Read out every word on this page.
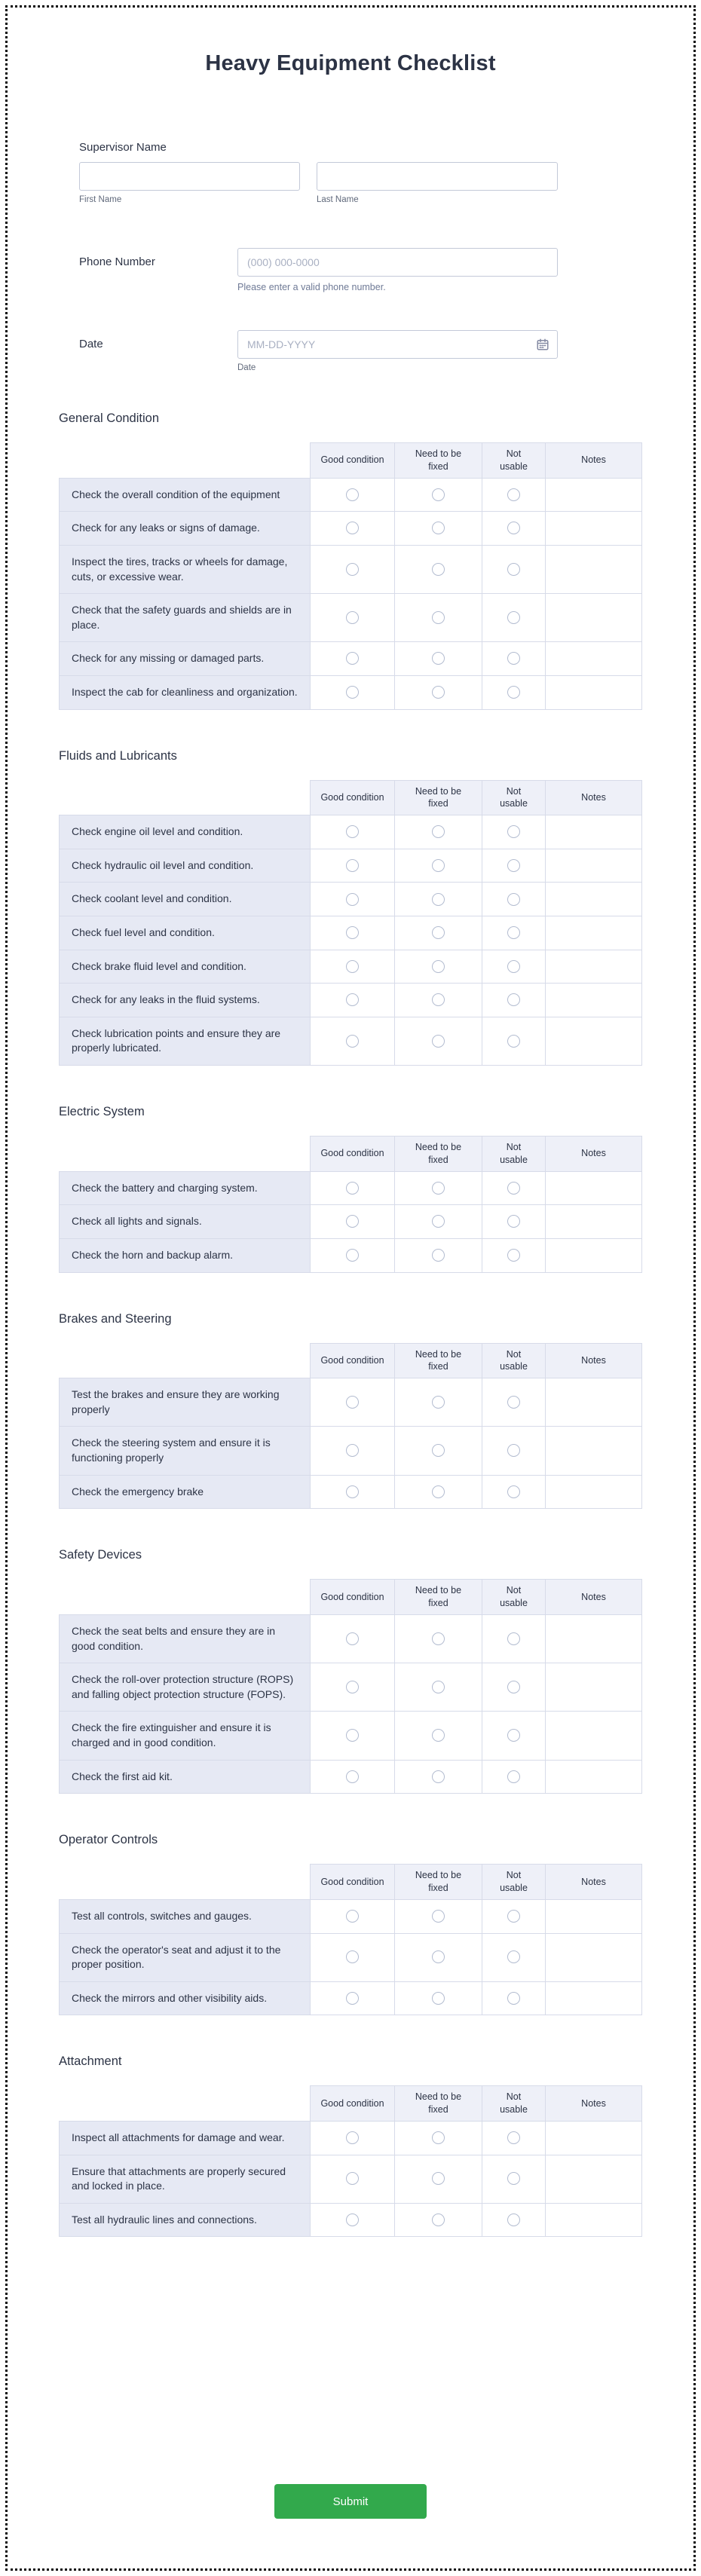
Heavy Equipment Checklist
Supervisor Name
First Name	Last Name
Phone Number
(000) 000-0000
Please enter a valid phone number.
Date
MM-DD-YYYY
Date
General Condition
	Good condition	Need to be fixed	Not usable	Notes
Check the overall condition of the equipment				
Check for any leaks or signs of damage.				
Inspect the tires, tracks or wheels for damage, cuts, or excessive wear.				
Check that the safety guards and shields are in place.				
Check for any missing or damaged parts.				
Inspect the cab for cleanliness and organization.				
Fluids and Lubricants
	Good condition	Need to be fixed	Not usable	Notes
Check engine oil level and condition.				
Check hydraulic oil level and condition.				
Check coolant level and condition.				
Check fuel level and condition.				
Check brake fluid level and condition.				
Check for any leaks in the fluid systems.				
Check lubrication points and ensure they are properly lubricated.				
Electric System
	Good condition	Need to be fixed	Not usable	Notes
Check the battery and charging system.				
Check all lights and signals.				
Check the horn and backup alarm.				
Brakes and Steering
	Good condition	Need to be fixed	Not usable	Notes
Test the brakes and ensure they are working properly				
Check the steering system and ensure it is functioning properly				
Check the emergency brake				
Safety Devices
	Good condition	Need to be fixed	Not usable	Notes
Check the seat belts and ensure they are in good condition.				
Check the roll-over protection structure (ROPS) and falling object protection structure (FOPS).				
Check the fire extinguisher and ensure it is charged and in good condition.				
Check the first aid kit.				
Operator Controls
	Good condition	Need to be fixed	Not usable	Notes
Test all controls, switches and gauges.				
Check the operator's seat and adjust it to the proper position.				
Check the mirrors and other visibility aids.				
Attachment
	Good condition	Need to be fixed	Not usable	Notes
Inspect all attachments for damage and wear.				
Ensure that attachments are properly secured and locked in place.				
Test all hydraulic lines and connections.				
Submit
